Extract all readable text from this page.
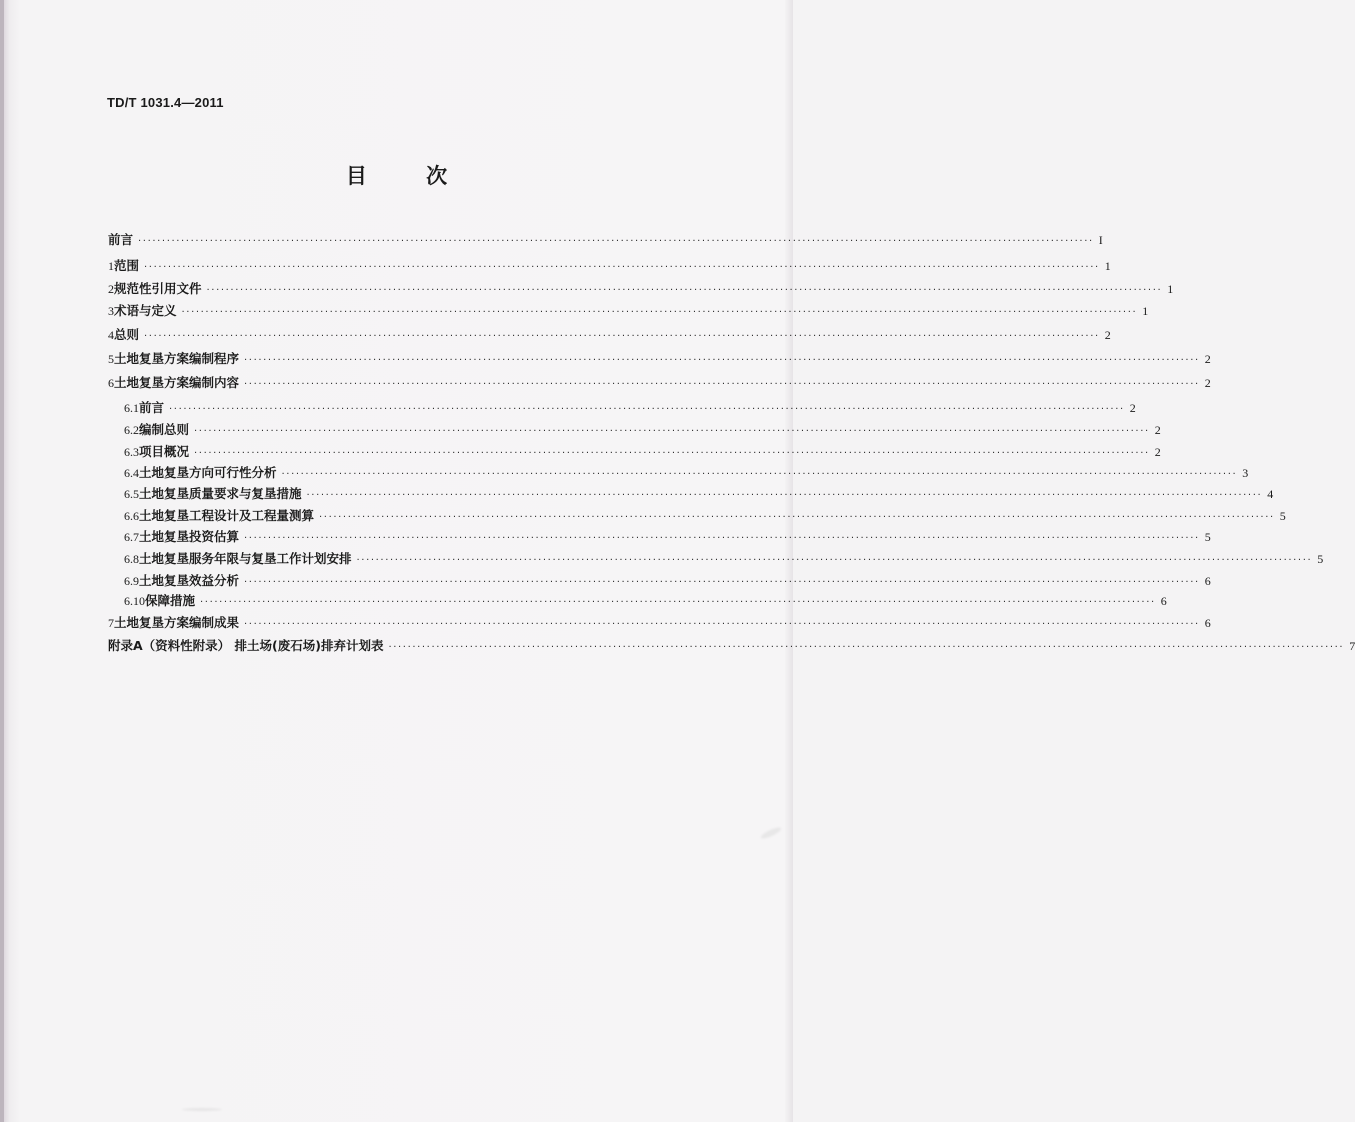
TD/T 1031.4—2011
目 次
前言 ········································································································································································································ I
1 范围 ········································································································································································································ 1
2 规范性引用文件 ········································································································································································································ 1
3 术语与定义 ········································································································································································································ 1
4 总则 ········································································································································································································ 2
5 土地复垦方案编制程序 ········································································································································································································ 2
6 土地复垦方案编制内容 ········································································································································································································ 2
6.1 前言 ········································································································································································································ 2
6.2 编制总则 ········································································································································································································ 2
6.3 项目概况 ········································································································································································································ 2
6.4 土地复垦方向可行性分析 ········································································································································································································ 3
6.5 土地复垦质量要求与复垦措施 ········································································································································································································ 4
6.6 土地复垦工程设计及工程量测算 ········································································································································································································ 5
6.7 土地复垦投资估算 ········································································································································································································ 5
6.8 土地复垦服务年限与复垦工作计划安排 ········································································································································································································ 5
6.9 土地复垦效益分析 ········································································································································································································ 6
6.10 保障措施 ········································································································································································································ 6
7 土地复垦方案编制成果 ········································································································································································································ 6
附录A（资料性附录） 排土场(废石场)排弃计划表 ········································································································································································································ 7
